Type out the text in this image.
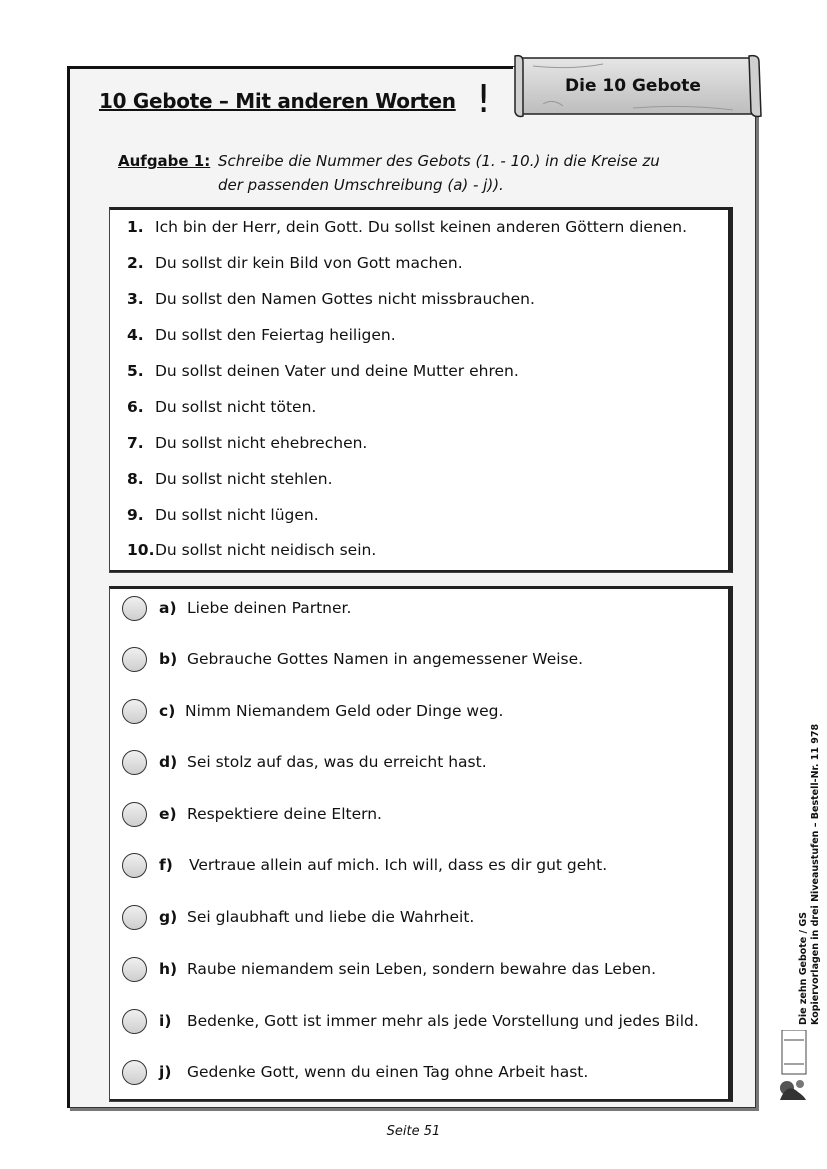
10 Gebote – Mit anderen Worten !	Die 10 Gebote
Aufgabe 1: Schreibe die Nummer des Gebots (1. - 10.) in die Kreise zu
der passenden Umschreibung (a) - j)).
1. Ich bin der Herr, dein Gott. Du sollst keinen anderen Göttern dienen.
2. Du sollst dir kein Bild von Gott machen.
3. Du sollst den Namen Gottes nicht missbrauchen.
4. Du sollst den Feiertag heiligen.
5. Du sollst deinen Vater und deine Mutter ehren.
6. Du sollst nicht töten.
7. Du sollst nicht ehebrechen.
8. Du sollst nicht stehlen.
9. Du sollst nicht lügen.
10.Du sollst nicht neidisch sein.
a) Liebe deinen Partner.
b) Gebrauche Gottes Namen in angemessener Weise.
c) Nimm Niemandem Geld oder Dinge weg.
d) Sei stolz auf das, was du erreicht hast.
e) Respektiere deine Eltern.
f) Vertraue allein auf mich. Ich will, dass es dir gut geht.
g) Sei glaubhaft und liebe die Wahrheit.
h) Raube niemandem sein Leben, sondern bewahre das Leben.
i) Bedenke, Gott ist immer mehr als jede Vorstellung und jedes Bild.
j) Gedenke Gott, wenn du einen Tag ohne Arbeit hast.
Die zehn Gebote / GS Kopiervorlagen in drei Niveaustufen – Bestell-Nr. 11 978
Seite 51
